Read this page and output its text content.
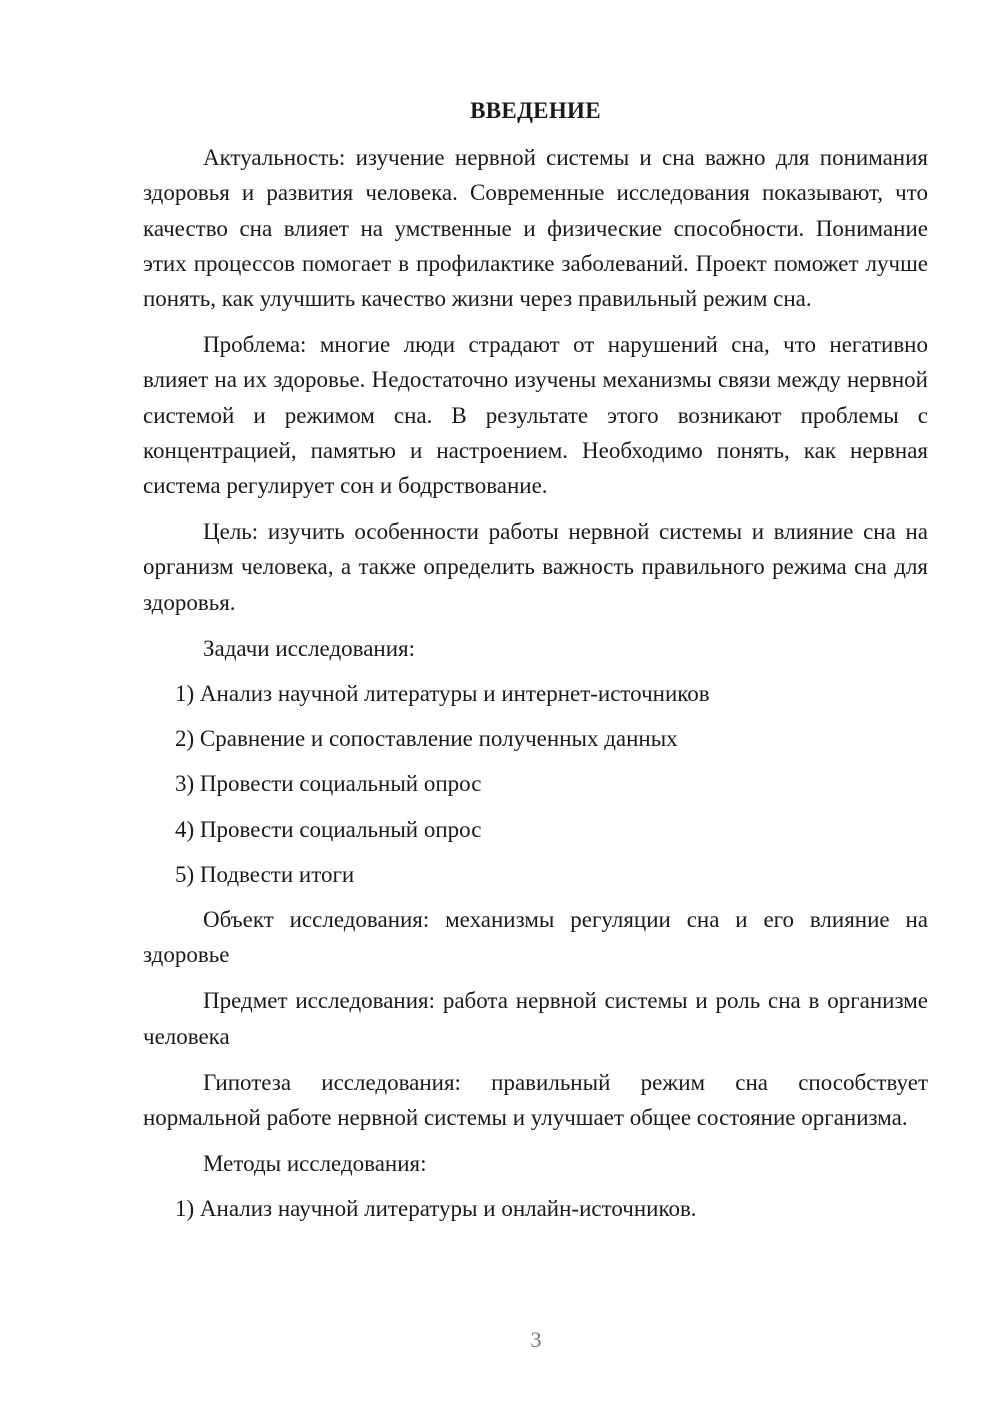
ВВЕДЕНИЕ

Актуальность: изучение нервной системы и сна важно для понимания здоровья и развития человека. Современные исследования показывают, что качество сна влияет на умственные и физические способности. Понимание этих процессов помогает в профилактике заболеваний. Проект поможет лучше понять, как улучшить качество жизни через правильный режим сна.

Проблема: многие люди страдают от нарушений сна, что негативно влияет на их здоровье. Недостаточно изучены механизмы связи между нервной системой и режимом сна. В результате этого возникают проблемы с концентрацией, памятью и настроением. Необходимо понять, как нервная система регулирует сон и бодрствование.

Цель: изучить особенности работы нервной системы и влияние сна на организм человека, а также определить важность правильного режима сна для здоровья.

Задачи исследования:

1) Анализ научной литературы и интернет-источников
2) Сравнение и сопоставление полученных данных
3) Провести социальный опрос
4) Провести социальный опрос
5) Подвести итоги

Объект исследования: механизмы регуляции сна и его влияние на здоровье

Предмет исследования: работа нервной системы и роль сна в организме человека

Гипотеза исследования: правильный режим сна способствует нормальной работе нервной системы и улучшает общее состояние организма.

Методы исследования:

1) Анализ научной литературы и онлайн-источников.
3
